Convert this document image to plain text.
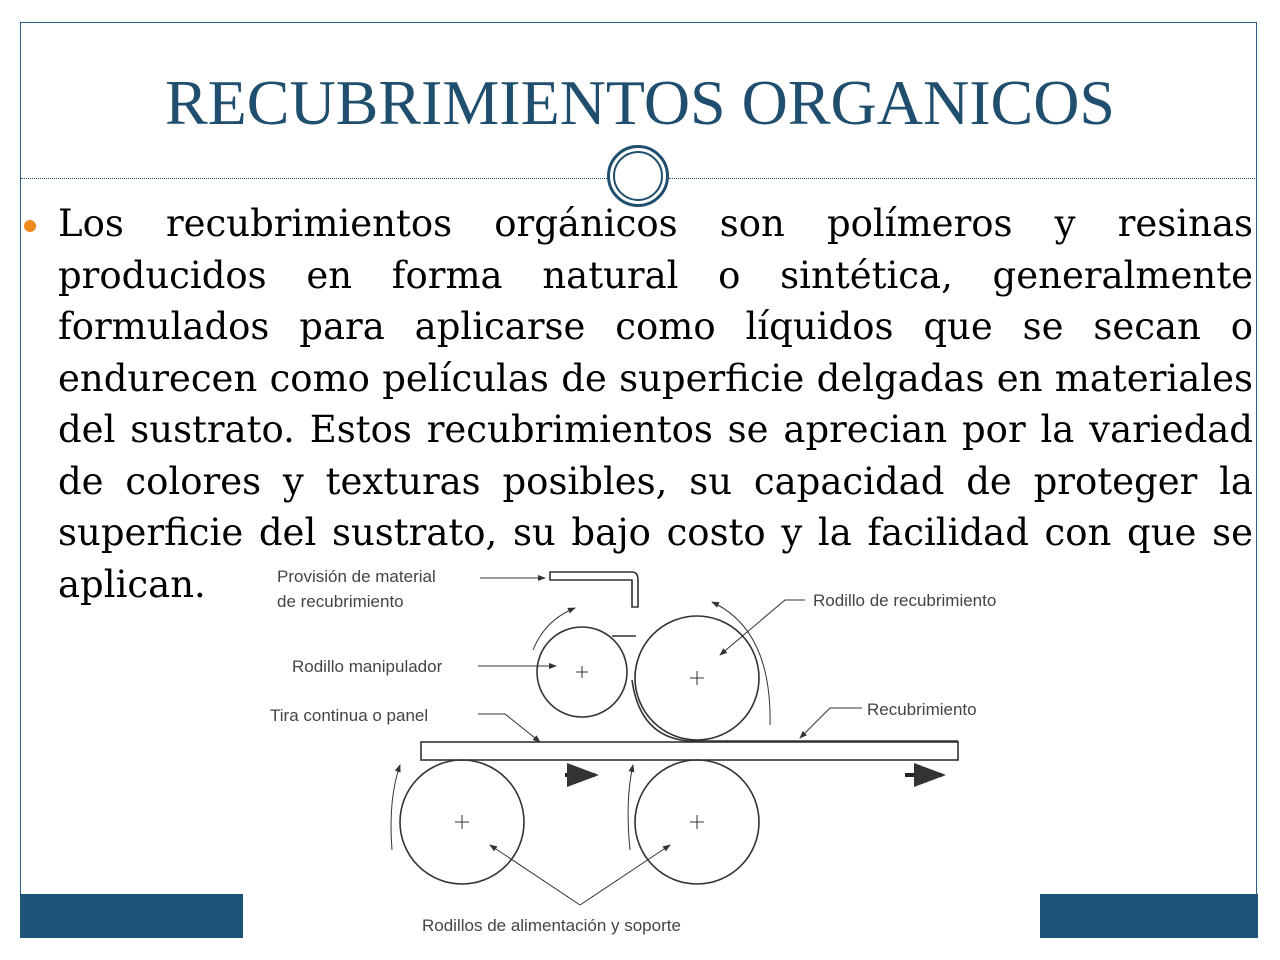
RECUBRIMIENTOS ORGANICOS
Los recubrimientos orgánicos son polímeros y resinas producidos en forma natural o sintética, generalmente formulados para aplicarse como líquidos que se secan o endurecen como películas de superficie delgadas en materiales del sustrato. Estos recubrimientos se aprecian por la variedad de colores y texturas posibles, su capacidad de proteger la superficie del sustrato, su bajo costo y la facilidad con que se aplican.	Provisión de material
de recubrimiento	Rodillo de recubrimiento
Rodillo manipulador
Tira continua o panel	Recubrimiento
Rodillos de alimentación y soporte
